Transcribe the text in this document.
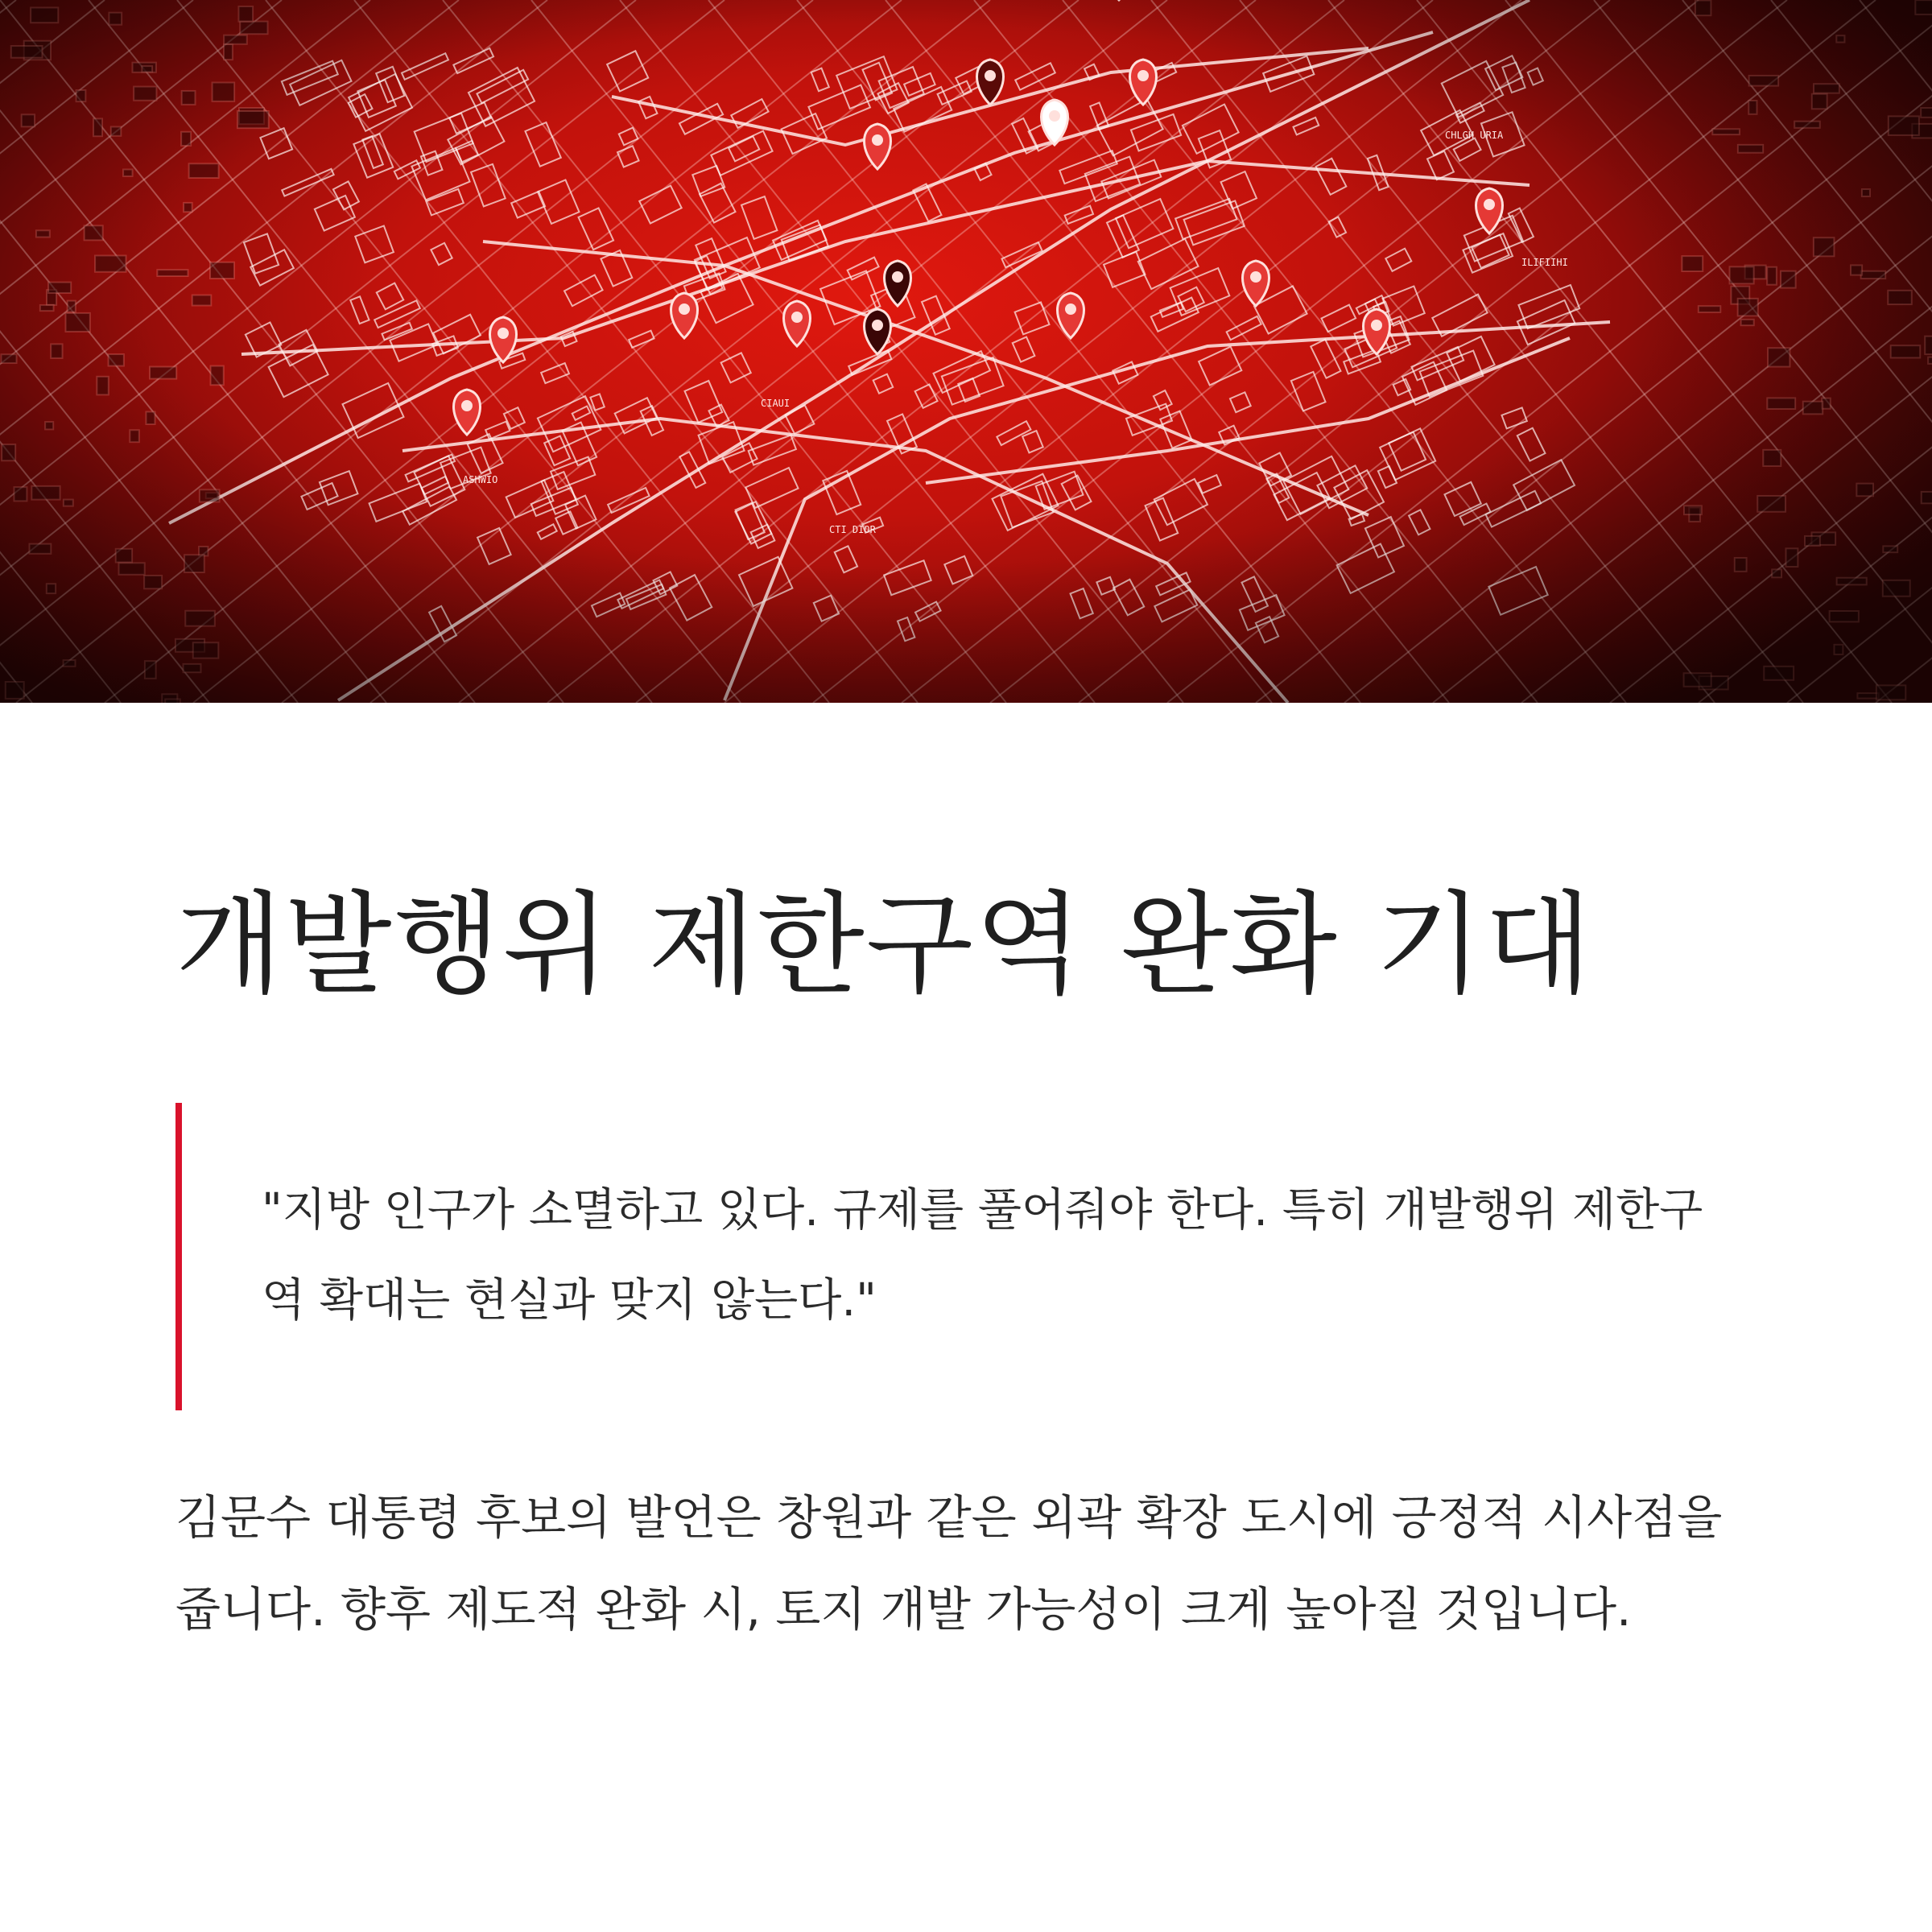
개발행위 제한구역 완화 기대

"지방 인구가 소멸하고 있다. 규제를 풀어줘야 한다. 특히 개발행위 제한구역 확대는 현실과 맞지 않는다."

김문수 대통령 후보의 발언은 창원과 같은 외곽 확장 도시에 긍정적 시사점을 줍니다. 향후 제도적 완화 시, 토지 개발 가능성이 크게 높아질 것입니다.
